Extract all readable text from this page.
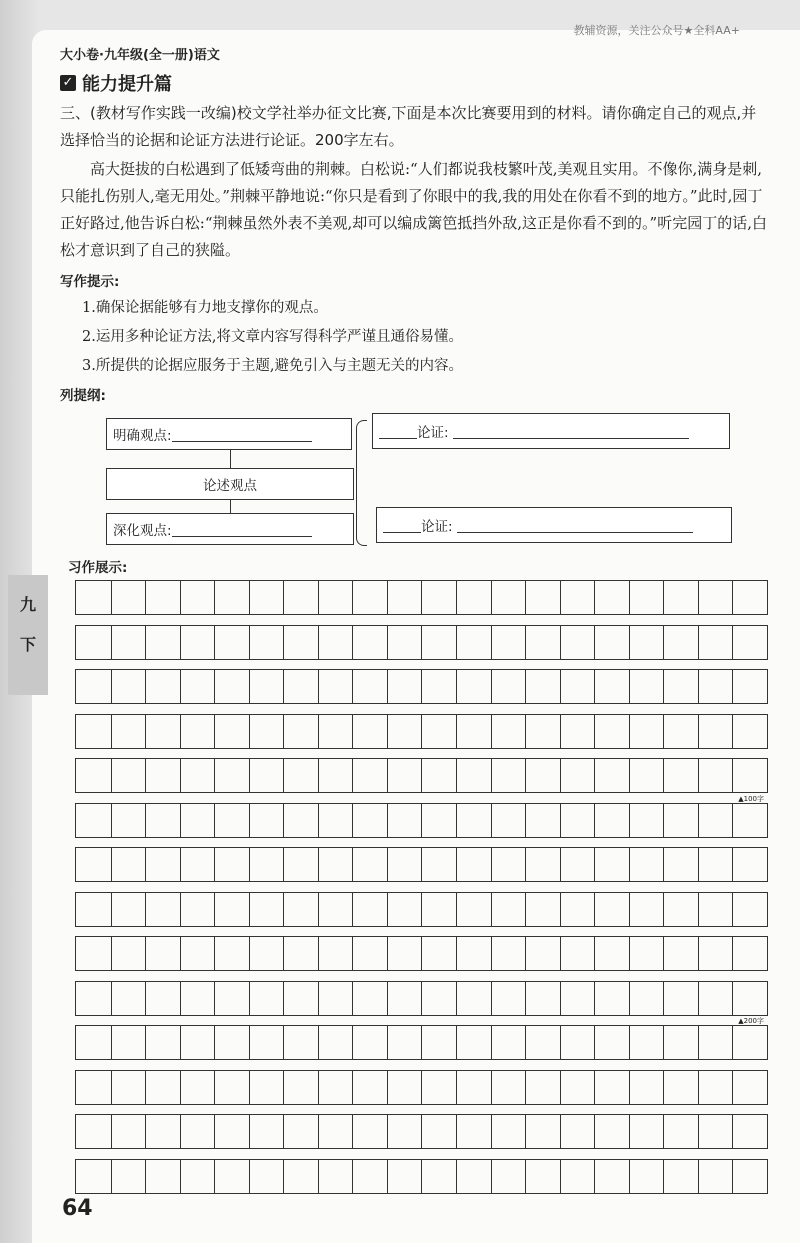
教辅资源，关注公众号★全科AA+
大小卷·九年级(全一册)语文
✓ 能力提升篇
三、(教材写作实践一改编)校文学社举办征文比赛,下面是本次比赛要用到的材料。请你确定自己的观点,并选择恰当的论据和论证方法进行论证。200字左右。
高大挺拔的白松遇到了低矮弯曲的荆棘。白松说:“人们都说我枝繁叶茂,美观且实用。不像你,满身是刺,只能扎伤别人,毫无用处。”荆棘平静地说:“你只是看到了你眼中的我,我的用处在你看不到的地方。”此时,园丁正好路过,他告诉白松:“荆棘虽然外表不美观,却可以编成篱笆抵挡外敌,这正是你看不到的。”听完园丁的话,白松才意识到了自己的狭隘。
写作提示:
1.确保论据能够有力地支撑你的观点。
2.运用多种论证方法,将文章内容写得科学严谨且通俗易懂。
3.所提供的论据应服务于主题,避免引入与主题无关的内容。
列提纲:
明确观点:
论述观点
深化观点:
论证:
论证:
习作展示:
九
下
▲100字
▲200字
64
